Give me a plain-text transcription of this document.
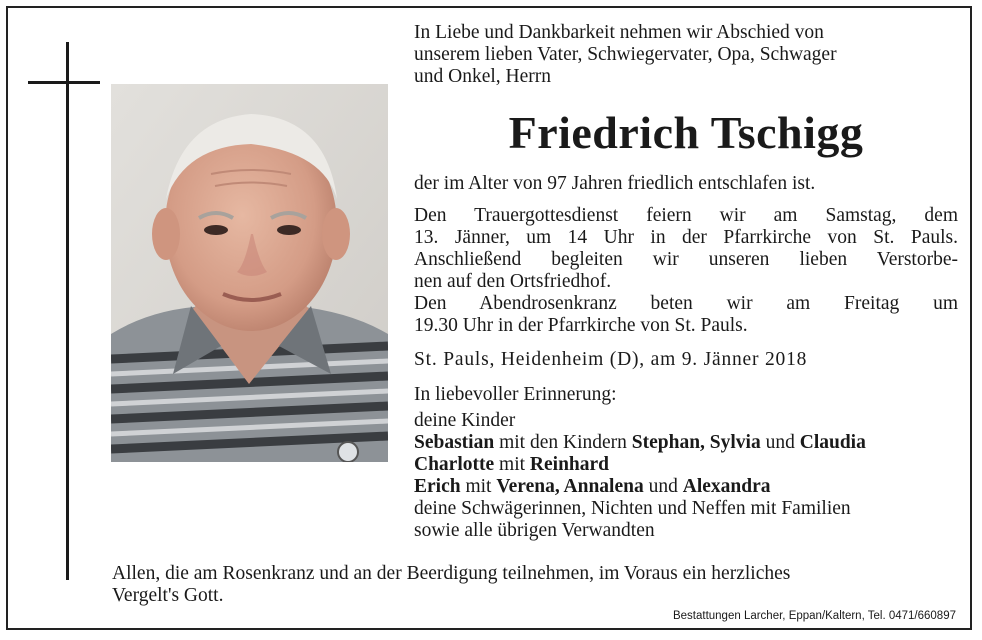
In Liebe und Dankbarkeit nehmen wir Abschied von
unserem lieben Vater, Schwiegervater, Opa, Schwager
und Onkel, Herrn
Friedrich Tschigg
der im Alter von 97 Jahren friedlich entschlafen ist.
Den Trauergottesdienst feiern wir am Samstag, dem
13. Jänner, um 14 Uhr in der Pfarrkirche von St. Pauls.
Anschließend begleiten wir unseren lieben Verstorbe-
nen auf den Ortsfriedhof.
Den Abendrosenkranz beten wir am Freitag um
19.30 Uhr in der Pfarrkirche von St. Pauls.
St. Pauls, Heidenheim (D), am 9. Jänner 2018
In liebevoller Erinnerung:
deine Kinder
Sebastian mit den Kindern Stephan, Sylvia und Claudia
Charlotte mit Reinhard
Erich mit Verena, Annalena und Alexandra
deine Schwägerinnen, Nichten und Neffen mit Familien
sowie alle übrigen Verwandten
Allen, die am Rosenkranz und an der Beerdigung teilnehmen, im Voraus ein herzliches
Vergelt's Gott.
Bestattungen Larcher, Eppan/Kaltern, Tel. 0471/660897
